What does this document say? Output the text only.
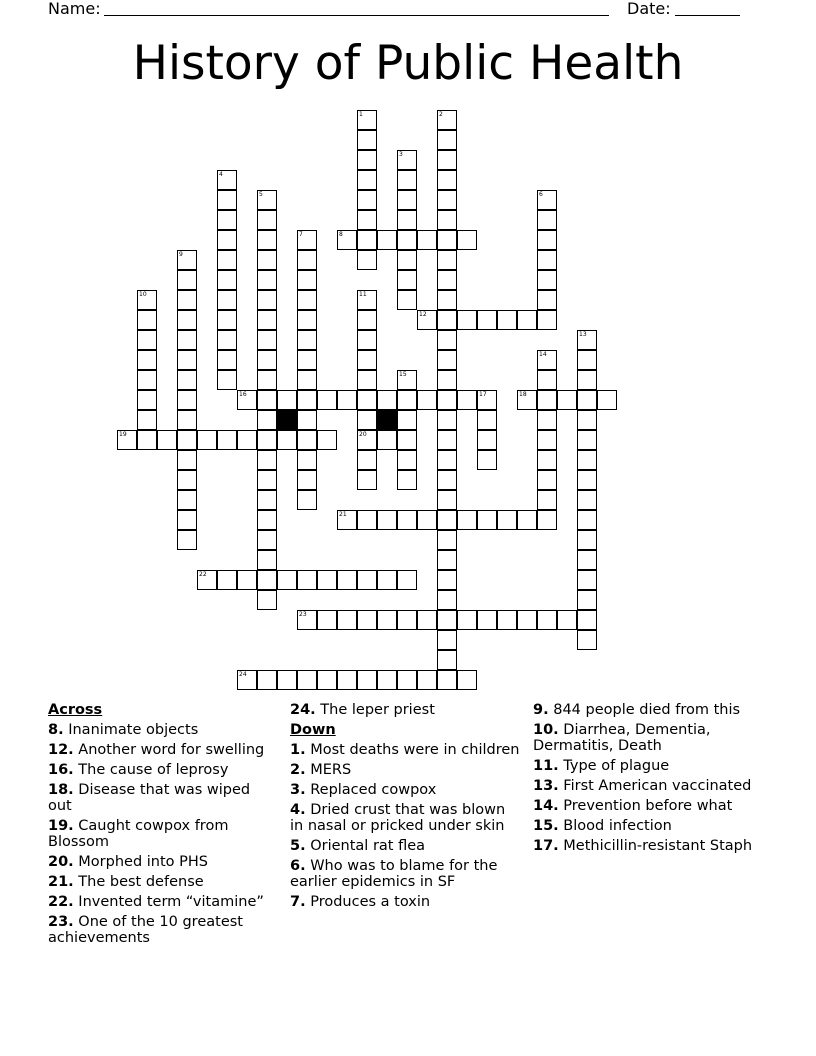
Name:	Date:
History of Public Health
1	2
3
4
5	6
7	8
9
10	11
12
13
14
15
16	17	18
19	20
21
22
23
24
Across
8. Inanimate objects
12. Another word for swelling
16. The cause of leprosy
18. Disease that was wiped out
19. Caught cowpox from Blossom
20. Morphed into PHS
21. The best defense
22. Invented term “vitamine”
23. One of the 10 greatest achievements
24. The leper priest
Down
1. Most deaths were in children
2. MERS
3. Replaced cowpox
4. Dried crust that was blown in nasal or pricked under skin
5. Oriental rat flea
6. Who was to blame for the earlier epidemics in SF
7. Produces a toxin
9. 844 people died from this
10. Diarrhea, Dementia, Dermatitis, Death
11. Type of plague
13. First American vaccinated
14. Prevention before what
15. Blood infection
17. Methicillin-resistant Staph
